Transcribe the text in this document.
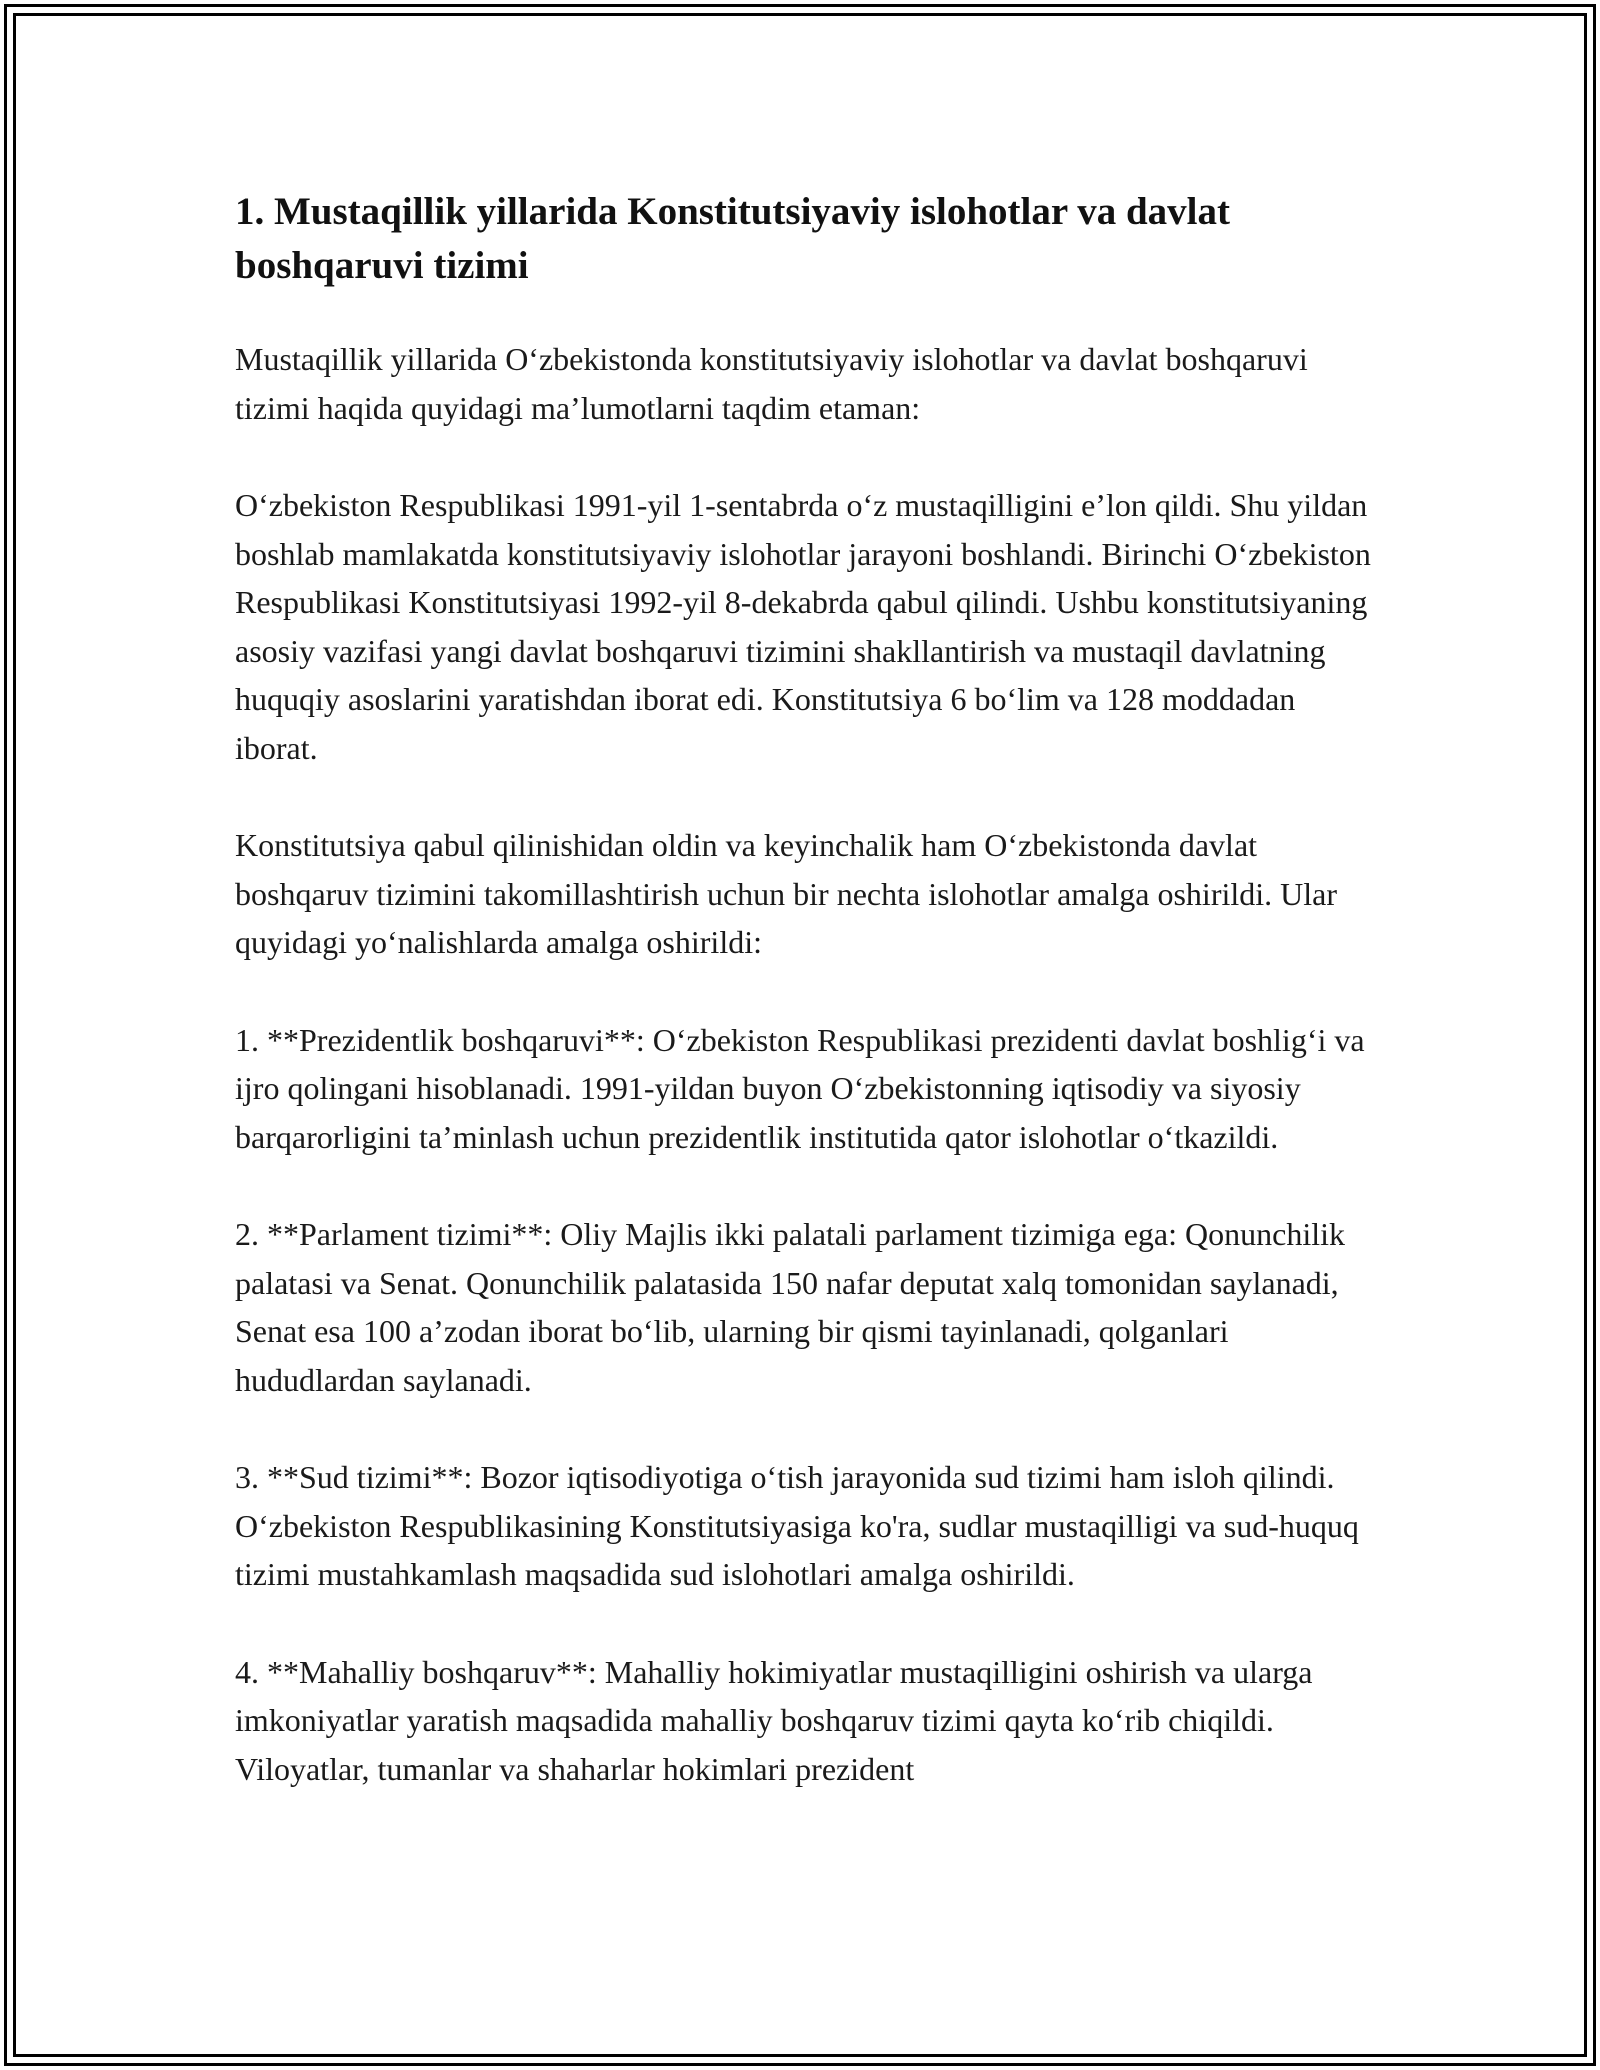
1. Mustaqillik yillarida Konstitutsiyaviy islohotlar va davlat boshqaruvi tizimi

Mustaqillik yillarida O‘zbekistonda konstitutsiyaviy islohotlar va davlat boshqaruvi tizimi haqida quyidagi ma’lumotlarni taqdim etaman:

O‘zbekiston Respublikasi 1991-yil 1-sentabrda o‘z mustaqilligini e’lon qildi. Shu yildan boshlab mamlakatda konstitutsiyaviy islohotlar jarayoni boshlandi. Birinchi O‘zbekiston Respublikasi Konstitutsiyasi 1992-yil 8-dekabrda qabul qilindi. Ushbu konstitutsiyaning asosiy vazifasi yangi davlat boshqaruvi tizimini shakllantirish va mustaqil davlatning huquqiy asoslarini yaratishdan iborat edi. Konstitutsiya 6 bo‘lim va 128 moddadan iborat.

Konstitutsiya qabul qilinishidan oldin va keyinchalik ham O‘zbekistonda davlat boshqaruv tizimini takomillashtirish uchun bir nechta islohotlar amalga oshirildi. Ular quyidagi yo‘nalishlarda amalga oshirildi:

1. **Prezidentlik boshqaruvi**: O‘zbekiston Respublikasi prezidenti davlat boshlig‘i va ijro qolingani hisoblanadi. 1991-yildan buyon O‘zbekistonning iqtisodiy va siyosiy barqarorligini ta’minlash uchun prezidentlik institutida qator islohotlar o‘tkazildi.

2. **Parlament tizimi**: Oliy Majlis ikki palatali parlament tizimiga ega: Qonunchilik palatasi va Senat. Qonunchilik palatasida 150 nafar deputat xalq tomonidan saylanadi, Senat esa 100 a’zodan iborat bo‘lib, ularning bir qismi tayinlanadi, qolganlari hududlardan saylanadi.

3. **Sud tizimi**: Bozor iqtisodiyotiga o‘tish jarayonida sud tizimi ham isloh qilindi. O‘zbekiston Respublikasining Konstitutsiyasiga ko'ra, sudlar mustaqilligi va sud-huquq tizimi mustahkamlash maqsadida sud islohotlari amalga oshirildi.

4. **Mahalliy boshqaruv**: Mahalliy hokimiyatlar mustaqilligini oshirish va ularga imkoniyatlar yaratish maqsadida mahalliy boshqaruv tizimi qayta ko‘rib chiqildi. Viloyatlar, tumanlar va shaharlar hokimlari prezident
